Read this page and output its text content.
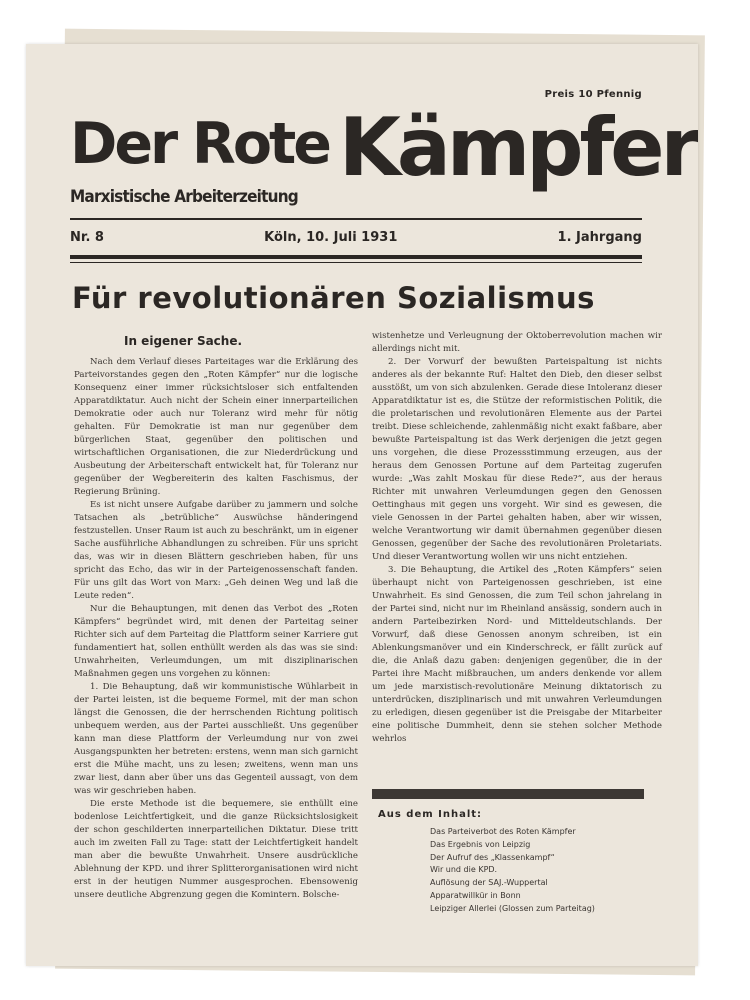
Preis 10 Pfennig
Der Rote Kämpfer
Marxistische Arbeiterzeitung
Nr. 8	Köln, 10. Juli 1931	1. Jahrgang
Für revolutionären Sozialismus
In eigener Sache.

Nach dem Verlauf dieses Parteitages war die Erklärung des Parteivorstandes gegen den „Roten Kämpfer“ nur die logische Konsequenz einer immer rücksichtsloser sich entfaltenden Apparatdiktatur. Auch nicht der Schein einer innerparteilichen Demokratie oder auch nur Toleranz wird mehr für nötig gehalten. Für Demokratie ist man nur gegenüber dem bürgerlichen Staat, gegenüber den politischen und wirtschaftlichen Organisationen, die zur Niederdrückung und Ausbeutung der Arbeiterschaft entwickelt hat, für Toleranz nur gegenüber der Wegbereiterin des kalten Faschismus, der Regierung Brüning.

Es ist nicht unsere Aufgabe darüber zu jammern und solche Tatsachen als „betrübliche“ Auswüchse händeringend festzustellen. Unser Raum ist auch zu beschränkt, um in eigener Sache ausführliche Abhandlungen zu schreiben. Für uns spricht das, was wir in diesen Blättern geschrieben haben, für uns spricht das Echo, das wir in der Parteigenossenschaft fanden. Für uns gilt das Wort von Marx: „Geh deinen Weg und laß die Leute reden“.

Nur die Behauptungen, mit denen das Verbot des „Roten Kämpfers“ begründet wird, mit denen der Parteitag seiner Richter sich auf dem Parteitag die Plattform seiner Karriere gut fundamentiert hat, sollen enthüllt werden als das was sie sind: Unwahrheiten, Verleumdungen, um mit disziplinarischen Maßnahmen gegen uns vorgehen zu können:

1. Die Behauptung, daß wir kommunistische Wühlarbeit in der Partei leisten, ist die bequeme Formel, mit der man schon längst die Genossen, die der herrschenden Richtung politisch unbequem werden, aus der Partei ausschließt. Uns gegenüber kann man diese Plattform der Verleumdung nur von zwei Ausgangspunkten her betreten: erstens, wenn man sich garnicht erst die Mühe macht, uns zu lesen; zweitens, wenn man uns zwar liest, dann aber über uns das Gegenteil aussagt, von dem was wir geschrieben haben.

Die erste Methode ist die bequemere, sie enthüllt eine bodenlose Leichtfertigkeit, und die ganze Rücksichtslosigkeit der schon geschilderten innerparteilichen Diktatur. Diese tritt auch im zweiten Fall zu Tage: statt der Leichtfertigkeit handelt man aber die bewußte Unwahrheit. Unsere ausdrückliche Ablehnung der KPD. und ihrer Splitterorganisationen wird nicht erst in der heutigen Nummer ausgesprochen. Ebensowenig unsere deutliche Abgrenzung gegen die Komintern. Bolsche-

wistenhetze und Verleugnung der Oktoberrevolution machen wir allerdings nicht mit.

2. Der Vorwurf der bewußten Parteispaltung ist nichts anderes als der bekannte Ruf: Haltet den Dieb, den dieser selbst ausstößt, um von sich abzulenken. Gerade diese Intoleranz dieser Apparatdiktatur ist es, die Stütze der reformistischen Politik, die die proletarischen und revolutionären Elemente aus der Partei treibt. Diese schleichende, zahlenmäßig nicht exakt faßbare, aber bewußte Parteispaltung ist das Werk derjenigen die jetzt gegen uns vorgehen, die diese Prozessstimmung erzeugen, aus der heraus dem Genossen Portune auf dem Parteitag zugerufen wurde: „Was zahlt Moskau für diese Rede?“, aus der heraus Richter mit unwahren Verleumdungen gegen den Genossen Oettinghaus mit gegen uns vorgeht. Wir sind es gewesen, die viele Genossen in der Partei gehalten haben, aber wir wissen, welche Verantwortung wir damit übernahmen gegenüber diesen Genossen, gegenüber der Sache des revolutionären Proletariats. Und dieser Verantwortung wollen wir uns nicht entziehen.

3. Die Behauptung, die Artikel des „Roten Kämpfers“ seien überhaupt nicht von Parteigenossen geschrieben, ist eine Unwahrheit. Es sind Genossen, die zum Teil schon jahrelang in der Partei sind, nicht nur im Rheinland ansässig, sondern auch in andern Parteibezirken Nord- und Mitteldeutschlands. Der Vorwurf, daß diese Genossen anonym schreiben, ist ein Ablenkungsmanöver und ein Kinderschreck, er fällt zurück auf die, die Anlaß dazu gaben: denjenigen gegenüber, die in der Partei ihre Macht mißbrauchen, um anders denkende vor allem um jede marxistisch-revolutionäre Meinung diktatorisch zu unterdrücken, disziplinarisch und mit unwahren Verleumdungen zu erledigen, diesen gegenüber ist die Preisgabe der Mitarbeiter eine politische Dummheit, denn sie stehen solcher Methode wehrlos

Aus dem Inhalt:
Das Parteiverbot des Roten Kämpfer
Das Ergebnis von Leipzig
Der Aufruf des „Klassenkampf“
Wir und die KPD.
Auflösung der SAJ.-Wuppertal
Apparatwillkür in Bonn
Leipziger Allerlei (Glossen zum Parteitag)
